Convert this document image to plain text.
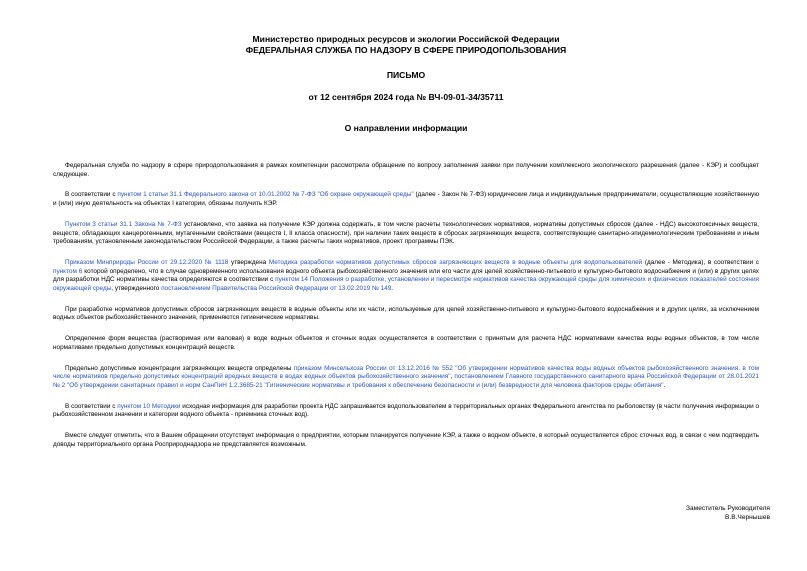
Министерство природных ресурсов и экологии Российской Федерации
ФЕДЕРАЛЬНАЯ СЛУЖБА ПО НАДЗОРУ В СФЕРЕ ПРИРОДОПОЛЬЗОВАНИЯ
ПИСЬМО
от 12 сентября 2024 года № ВЧ-09-01-34/35711
О направлении информации

Федеральная служба по надзору в сфере природопользования в рамках компетенции рассмотрела обращение по вопросу заполнения заявки при получении комплексного экологического разрешения (далее - КЭР) и сообщает следующее.

В соответствии с пунктом 1 статьи 31.1 Федерального закона от 10.01.2002 № 7-ФЗ "Об охране окружающей среды" (далее - Закон № 7-ФЗ) юридические лица и индивидуальные предприниматели, осуществляющие хозяйственную и (или) иную деятельность на объектах I категории, обязаны получить КЭР.

Пунктом 3 статьи 31.1 Закона № 7-ФЗ установлено, что заявка на получение КЭР должна содержать, в том числе расчеты технологических нормативов, нормативы допустимых сбросов (далее - НДС) высокотоксичных веществ, веществ, обладающих канцерогенными, мутагенными свойствами (веществ I, II класса опасности), при наличии таких веществ в сбросах загрязняющих веществ, соответствующие санитарно-эпидемиологическим требованиям и иным требованиям, установленным законодательством Российской Федерации, а также расчеты таких нормативов, проект программы ПЭК.

Приказом Минприроды России от 29.12.2020 № 1118 утверждена Методика разработки нормативов допустимых сбросов загрязняющих веществ в водные объекты для водопользователей (далее - Методика), в соответствии с пунктом 6 которой определено, что в случае одновременного использования водного объекта рыбохозяйственного значения или его части для целей хозяйственно-питьевого и культурно-бытового водоснабжения и (или) в других целях для разработки НДС нормативы качества определяются в соответствии с пунктом 14 Положения о разработке, установлении и пересмотре нормативов качества окружающей среды для химических и физических показателей состояния окружающей среды, утвержденного постановлением Правительства Российской Федерации от 13.02.2019 № 149.

При разработке нормативов допустимых сбросов загрязняющих веществ в водные объекты или их части, используемые для целей хозяйственно-питьевого и культурно-бытового водоснабжения и в других целях, за исключением водных объектов рыбохозяйственного значения, применяются гигиенические нормативы.

Определение форм вещества (растворимая или валовая) в воде водных объектов и сточных водах осуществляется в соответствии с принятым для расчета НДС нормативами качества воды водных объектов, в том числе нормативами предельно допустимых концентраций веществ.

Предельно допустимые концентрации загрязняющих веществ определены приказом Минсельхоза России от 13.12.2016 № 552 "Об утверждении нормативов качества воды водных объектов рыбохозяйственного значения, в том числе нормативов предельно допустимых концентраций вредных веществ в водах водных объектов рыбохозяйственного значения", постановлением Главного государственного санитарного врача Российской Федерации от 28.01.2021 № 2 "Об утверждении санитарных правил и норм СанПиН 1.2.3685-21 "Гигиенические нормативы и требования к обеспечению безопасности и (или) безвредности для человека факторов среды обитания".

В соответствии с пунктом 10 Методики исходная информация для разработки проекта НДС запрашивается водопользователем в территориальных органах Федерального агентства по рыболовству (в части получения информации о рыбохозяйственном значении и категории водного объекта - приемника сточных вод).

Вместе следует отметить, что в Вашем обращении отсутствует информация о предприятии, которым планируется получение КЭР, а также о водном объекте, в который осуществляется сброс сточных вод, в связи с чем подтвердить доводы территориального органа Росприроднадзора не представляется возможным.

Заместитель Руководителя
В.В.Чернышев
